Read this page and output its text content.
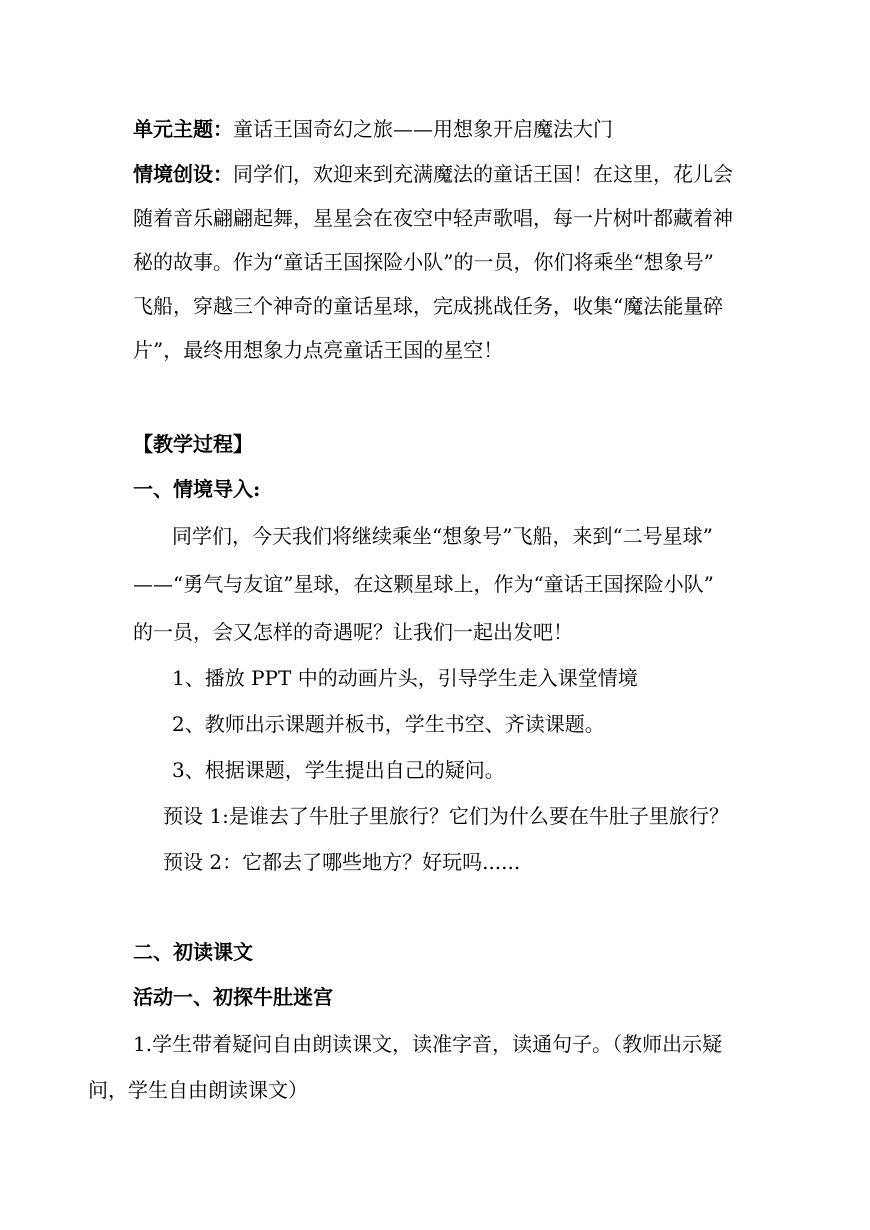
单元主题：童话王国奇幻之旅——用想象开启魔法大门
情境创设：同学们，欢迎来到充满魔法的童话王国！在这里，花儿会
随着音乐翩翩起舞，星星会在夜空中轻声歌唱，每一片树叶都藏着神
秘的故事。作为“童话王国探险小队”的一员，你们将乘坐“想象号”
飞船，穿越三个神奇的童话星球，完成挑战任务，收集“魔法能量碎
片”，最终用想象力点亮童话王国的星空！
【教学过程】
一、情境导入:
同学们，今天我们将继续乘坐“想象号”飞船，来到“二号星球”
——“勇气与友谊”星球，在这颗星球上，作为“童话王国探险小队”
的一员，会又怎样的奇遇呢？让我们一起出发吧！
1、播放 PPT 中的动画片头，引导学生走入课堂情境
2、教师出示课题并板书，学生书空、齐读课题。
3、根据课题，学生提出自己的疑问。
预设 1:是谁去了牛肚子里旅行？它们为什么要在牛肚子里旅行？
预设 2：它都去了哪些地方？好玩吗......
二、初读课文
活动一、初探牛肚迷宫
1.学生带着疑问自由朗读课文，读准字音，读通句子。（教师出示疑
问，学生自由朗读课文）
